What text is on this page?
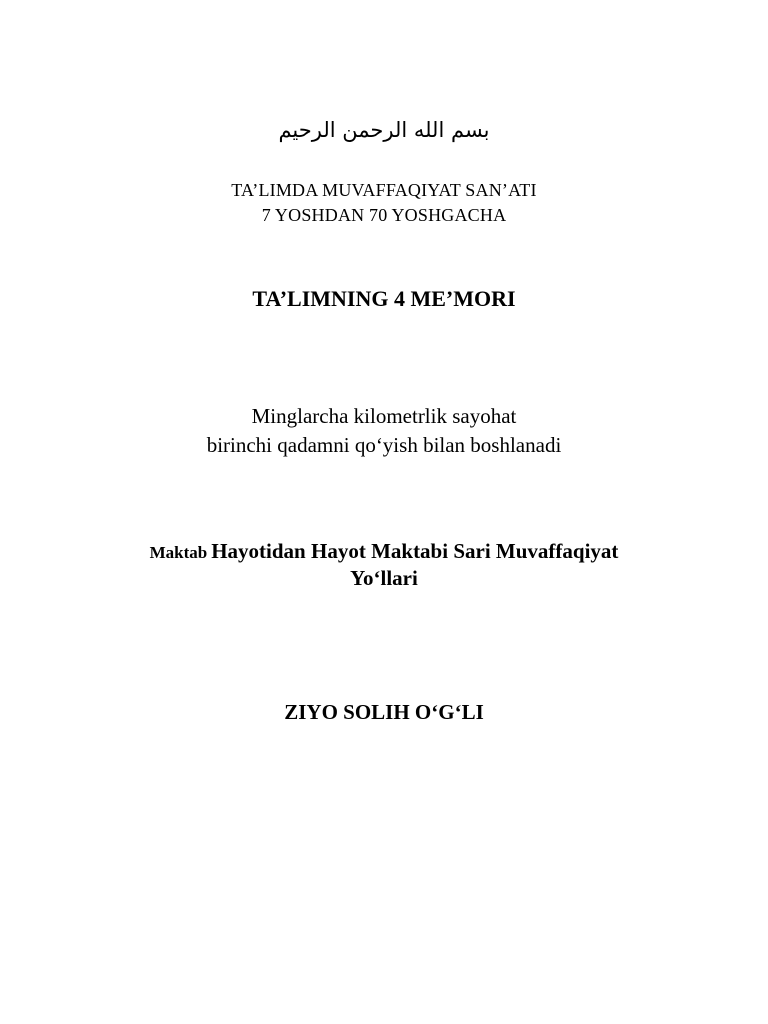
بسم الله الرحمن الرحيم
TA’LIMDA MUVAFFAQIYAT SAN’ATI
7 YOSHDAN 70 YOSHGACHA
TA’LIMNING 4 ME’MORI
Minglarcha kilometrlik sayohat
birinchi qadamni qo‘yish bilan boshlanadi
Maktab Hayotidan Hayot Maktabi Sari Muvaffaqiyat
Yo‘llari
ZIYO SOLIH O‘G‘LI
